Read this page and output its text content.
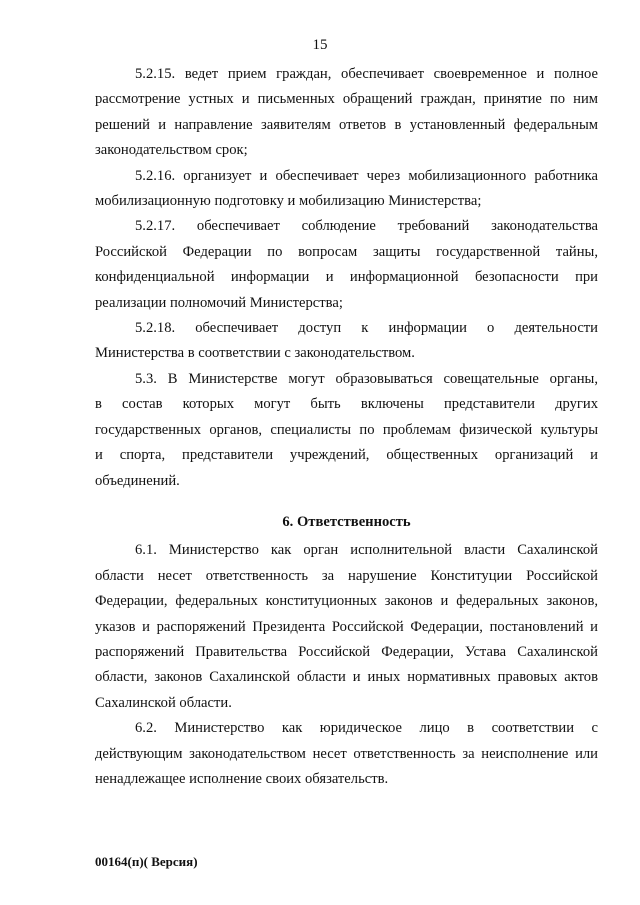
15

5.2.15. ведет прием граждан, обеспечивает своевременное и полное
рассмотрение устных и письменных обращений граждан, принятие по ним
решений и направление заявителям ответов в установленный федеральным
законодательством срок;

5.2.16. организует и обеспечивает через мобилизационного работника
мобилизационную подготовку и мобилизацию Министерства;

5.2.17. обеспечивает соблюдение требований законодательства
Российской Федерации по вопросам защиты государственной тайны,
конфиденциальной информации и информационной безопасности при
реализации полномочий Министерства;

5.2.18. обеспечивает доступ к информации о деятельности
Министерства в соответствии с законодательством.

5.3. В Министерстве могут образовываться совещательные органы,
в состав которых могут быть включены представители других
государственных органов, специалисты по проблемам физической культуры
и спорта, представители учреждений, общественных организаций и
объединений.

6. Ответственность

6.1. Министерство как орган исполнительной власти Сахалинской
области несет ответственность за нарушение Конституции Российской
Федерации, федеральных конституционных законов и федеральных законов,
указов и распоряжений Президента Российской Федерации, постановлений и
распоряжений Правительства Российской Федерации, Устава Сахалинской
области, законов Сахалинской области и иных нормативных правовых актов
Сахалинской области.

6.2. Министерство как юридическое лицо в соответствии с
действующим законодательством несет ответственность за неисполнение или
ненадлежащее исполнение своих обязательств.

00164(п)( Версия)
